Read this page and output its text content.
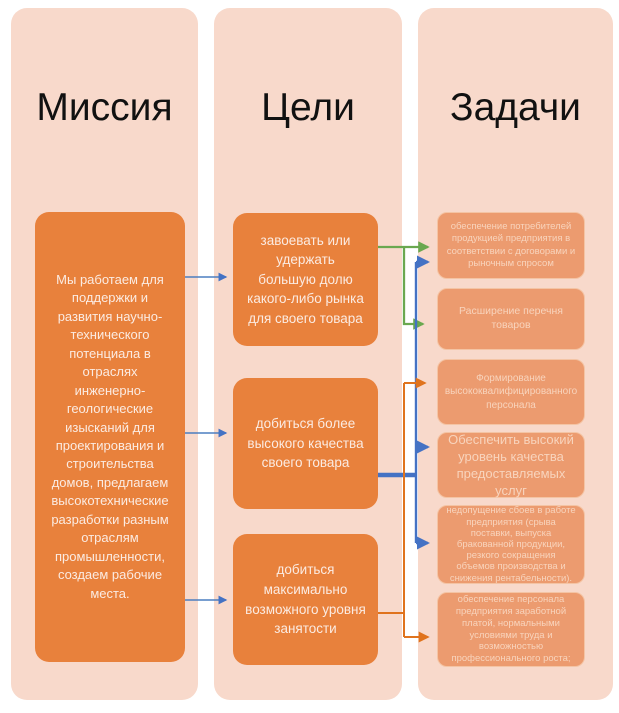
Миссия	Цели	Задачи
Мы работаем для поддержки и развития научно-технического потенциала в отраслях инженерно-геологические изысканий для проектирования и строительства домов, предлагаем высокотехнические разработки разным отраслям промышленности, создаем рабочие места.
завоевать или удержать большую долю какого-либо рынка для своего товара
добиться более высокого качества своего товара
добиться максимально возможного уровня занятости
обеспечение потребителей продукцией предприятия в соответствии с договорами и рыночным спросом
Расширение перечня товаров
Формирование высококвалифицированного персонала
Обеспечить высокий уровень качества предоставляемых услуг
недопущение сбоев в работе предприятия (срыва поставки, выпуска бракованной продукции, резкого сокращения объемов производства и снижения рентабельности).
обеспечение персонала предприятия заработной платой, нормальными условиями труда и возможностью профессионального роста;
